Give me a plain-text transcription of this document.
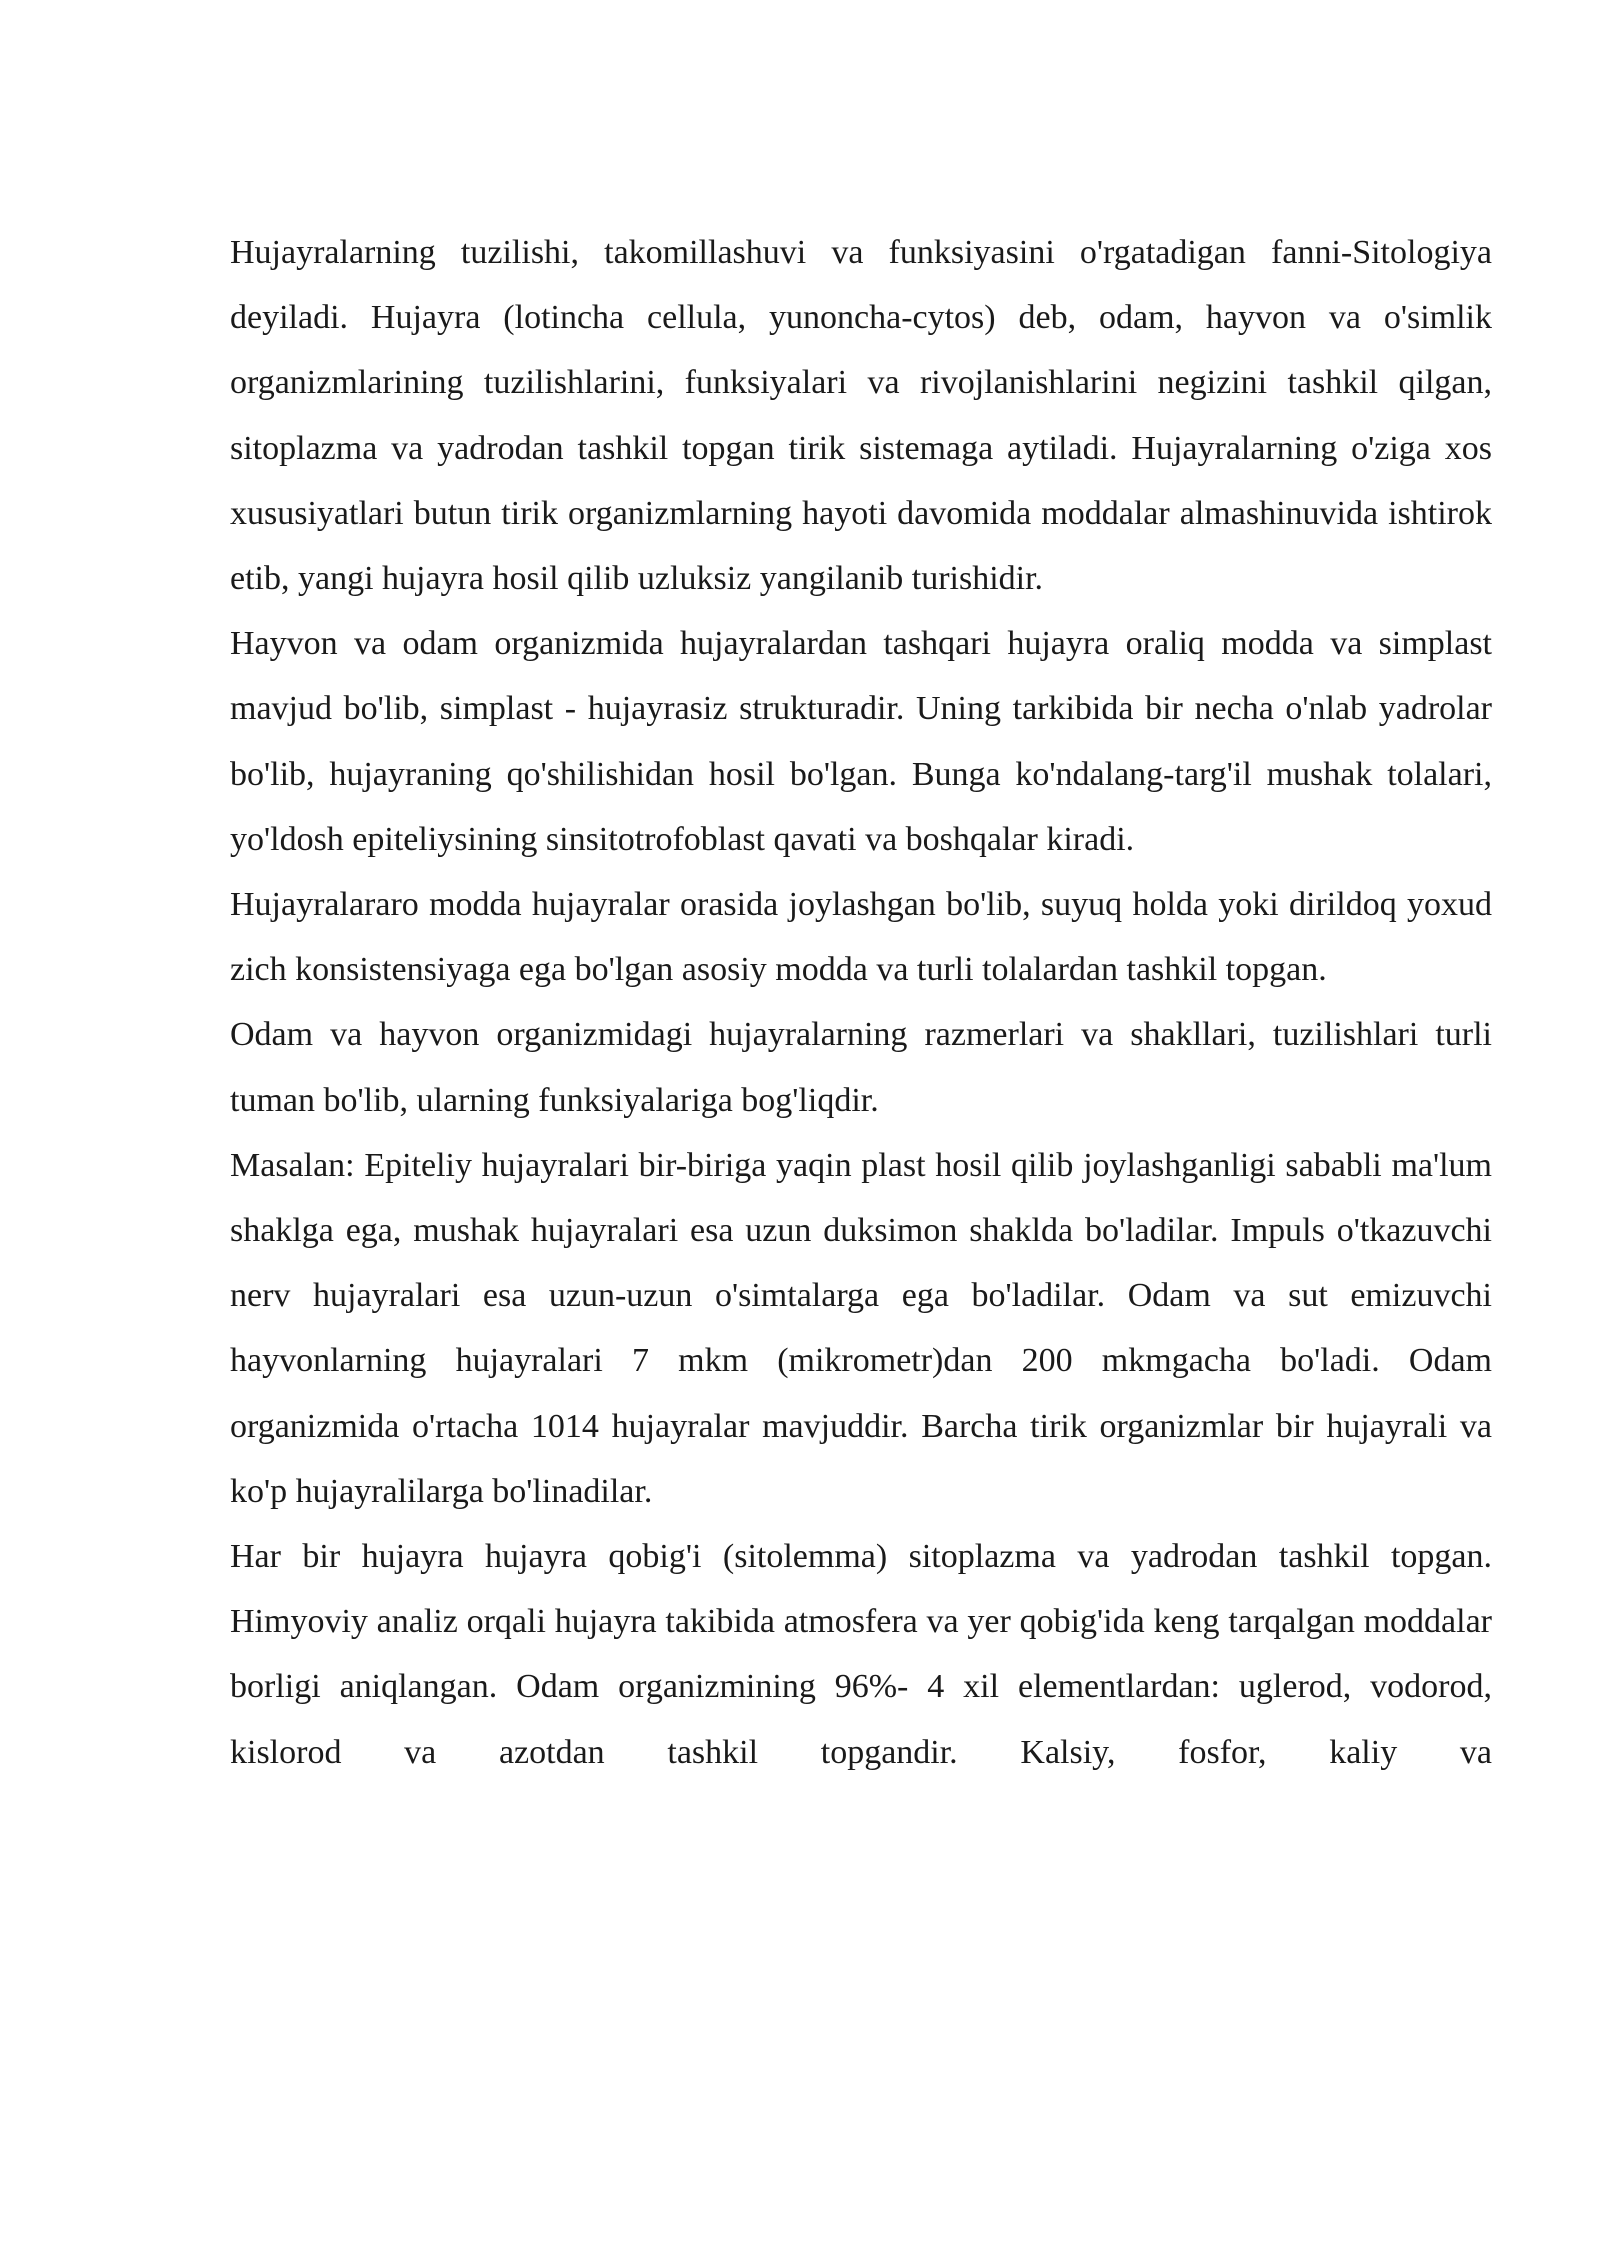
Hujayralarning tuzilishi, takomillashuvi va funksiyasini o'rgatadigan fanni-Sitologiya deyiladi. Hujayra (lotincha cellula, yunoncha-cytos) deb, odam, hayvon va o'simlik organizmlarining tuzilishlarini, funksiyalari va rivojlanishlarini negizini tashkil qilgan, sitoplazma va yadrodan tashkil topgan tirik sistemaga aytiladi. Hujayralarning o'ziga xos xususiyatlari butun tirik organizmlarning hayoti davomida moddalar almashinuvida ishtirok etib, yangi hujayra hosil qilib uzluksiz yangilanib turishidir.

Hayvon va odam organizmida hujayralardan tashqari hujayra oraliq modda va simplast mavjud bo'lib, simplast - hujayrasiz strukturadir. Uning tarkibida bir necha o'nlab yadrolar bo'lib, hujayraning qo'shilishidan hosil bo'lgan. Bunga ko'ndalang-targ'il mushak tolalari, yo'ldosh epiteliysining sinsitotrofoblast qavati va boshqalar kiradi.

Hujayralararo modda hujayralar orasida joylashgan bo'lib, suyuq holda yoki dirildoq yoxud zich konsistensiyaga ega bo'lgan asosiy modda va turli tolalardan tashkil topgan.

Odam va hayvon organizmidagi hujayralarning razmerlari va shakllari, tuzilishlari turli tuman bo'lib, ularning funksiyalariga bog'liqdir.

Masalan: Epiteliy hujayralari bir-biriga yaqin plast hosil qilib joylashganligi sababli ma'lum shaklga ega, mushak hujayralari esa uzun duksimon shaklda bo'ladilar. Impuls o'tkazuvchi nerv hujayralari esa uzun-uzun o'simtalarga ega bo'ladilar. Odam va sut emizuvchi hayvonlarning hujayralari 7 mkm (mikrometr)dan 200 mkmgacha bo'ladi. Odam organizmida o'rtacha 1014 hujayralar mavjuddir. Barcha tirik organizmlar bir hujayrali va ko'p hujayralilarga bo'linadilar.

Har bir hujayra hujayra qobig'i (sitolemma) sitoplazma va yadrodan tashkil topgan. Himyoviy analiz orqali hujayra takibida atmosfera va yer qobig'ida keng tarqalgan moddalar borligi aniqlangan. Odam organizmining 96%- 4 xil elementlardan: uglerod, vodorod, kislorod va azotdan tashkil topgandir. Kalsiy, fosfor, kaliy va
